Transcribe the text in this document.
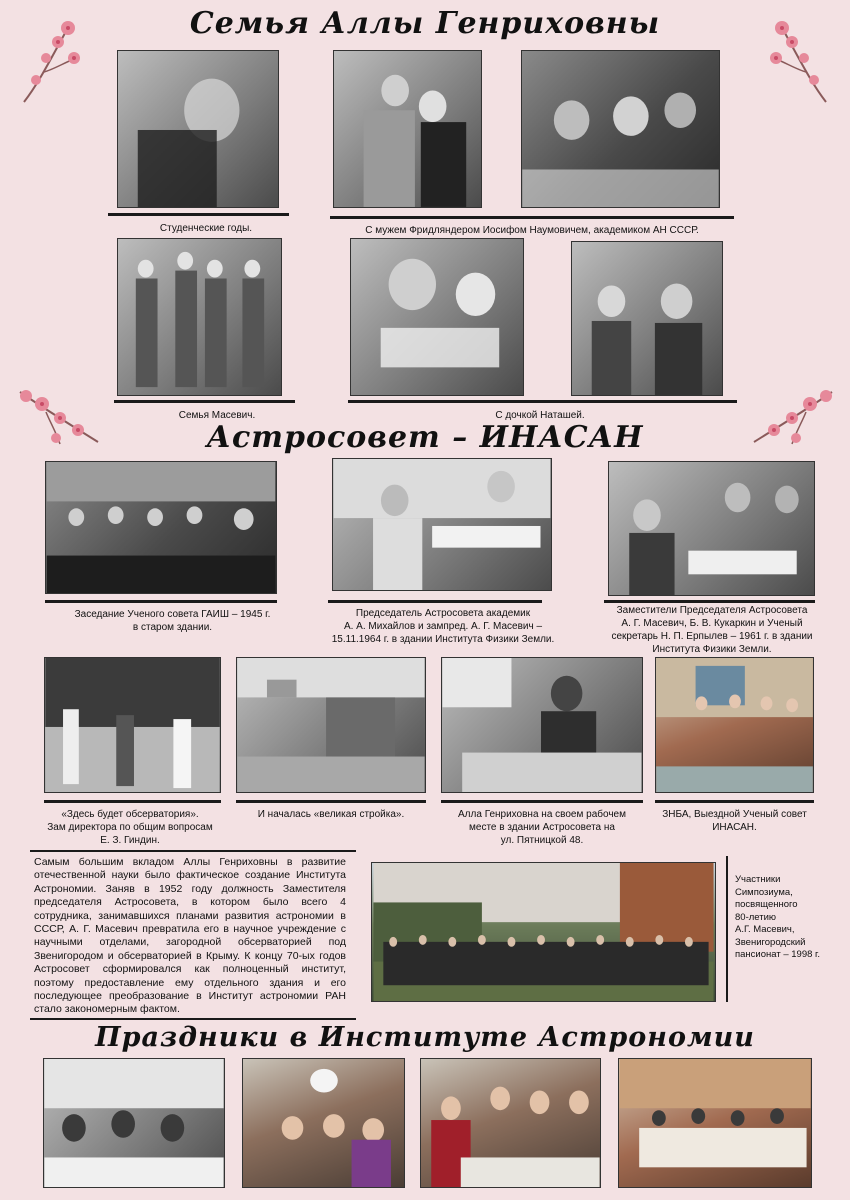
Семья Аллы Генриховны
Студенческие годы.	С мужем Фридляндером Иосифом Наумовичем, академиком АН СССР.
Семья Масевич.	С дочкой Наташей.
Астросовет – ИНАСАН
Заседание Ученого совета ГАИШ – 1945 г.
в старом здании.
Председатель Астросовета академик
А. А. Михайлов и зампред. А. Г. Масевич –
15.11.1964 г. в здании Института Физики Земли.
Заместители Председателя Астросовета
А. Г. Масевич, Б. В. Кукаркин и Ученый
секретарь Н. П. Ерпылев – 1961 г. в здании
Института Физики Земли.
«Здесь будет обсерватория».
Зам директора по общим вопросам
Е. З. Гиндин.
И началась «великая стройка».	Алла Генриховна на своем рабочем
месте в здании Астросовета на
ул. Пятницкой 48.
ЗНБА, Выездной Ученый совет
ИНАСАН.
Самым большим вкладом Аллы Генриховны в развитие отечественной науки было фактическое создание Института Астрономии. Заняв в 1952 году должность Заместителя председателя Астросовета, в котором было всего 4 сотрудника, занимавшихся планами развития астрономии в СССР, А. Г. Масевич превратила его в научное учреждение с научными отделами, загородной обсерваторией под Звенигородом и обсерваторией в Крыму. К концу 70-ых годов Астросовет сформировался как полноценный институт, поэтому предоставление ему отдельного здания и его последующее преобразование в Институт астрономии РАН стало закономерным фактом.
Участники
Симпозиума,
посвященного
80-летию
А.Г. Масевич,
Звенигородский
пансионат – 1998 г.
Праздники в Институте Астрономии
